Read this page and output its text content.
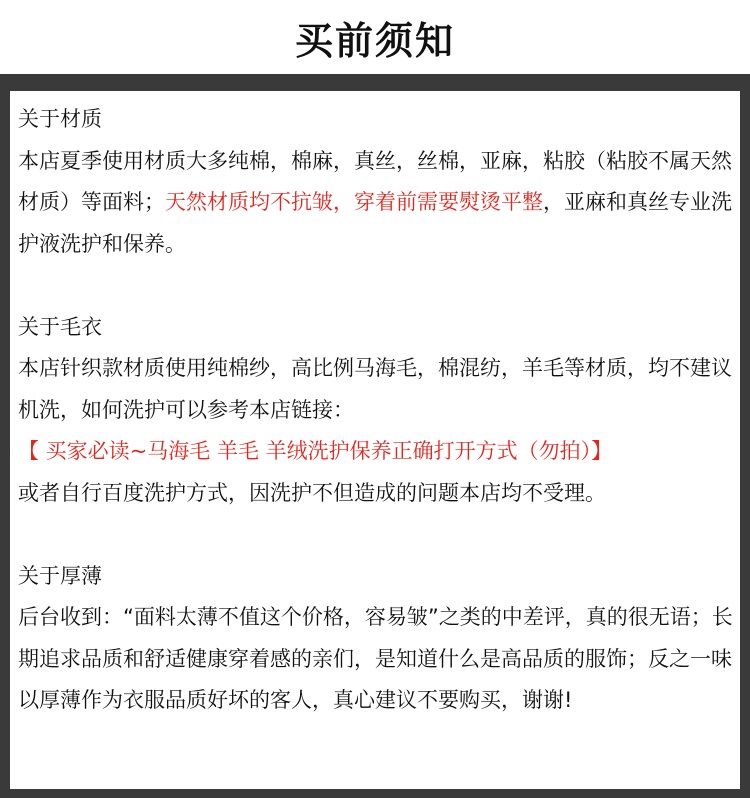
买前须知
关于材质
本店夏季使用材质大多纯棉，棉麻，真丝，丝棉，亚麻，粘胶（粘胶不属天然材质）等面料；天然材质均不抗皱，穿着前需要熨烫平整，亚麻和真丝专业洗护液洗护和保养。
关于毛衣
本店针织款材质使用纯棉纱，高比例马海毛，棉混纺，羊毛等材质，均不建议机洗，如何洗护可以参考本店链接：
【 买家必读~马海毛 羊毛 羊绒洗护保养正确打开方式（勿拍）】
或者自行百度洗护方式，因洗护不但造成的问题本店均不受理。
关于厚薄
后台收到：“面料太薄不值这个价格，容易皱”之类的中差评，真的很无语；长期追求品质和舒适健康穿着感的亲们，是知道什么是高品质的服饰；反之一味以厚薄作为衣服品质好坏的客人，真心建议不要购买，谢谢!
